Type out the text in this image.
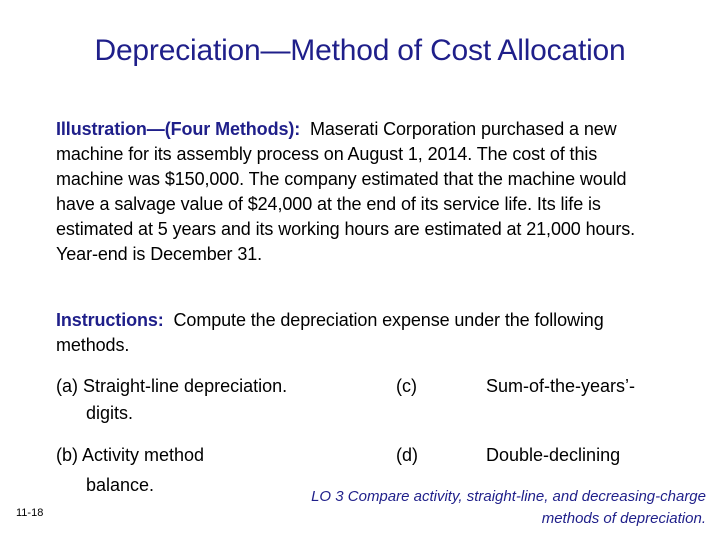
Depreciation—Method of Cost Allocation
Illustration—(Four Methods): Maserati Corporation purchased a new machine for its assembly process on August 1, 2014. The cost of this machine was $150,000. The company estimated that the machine would have a salvage value of $24,000 at the end of its service life. Its life is estimated at 5 years and its working hours are estimated at 21,000 hours. Year-end is December 31.
Instructions: Compute the depreciation expense under the following methods.
(a) Straight-line depreciation.
digits.
(c)	Sum-of-the-years’-
(b) Activity method
balance.
(d)	Double-declining
11-18
LO 3 Compare activity, straight-line, and decreasing-charge methods of depreciation.
